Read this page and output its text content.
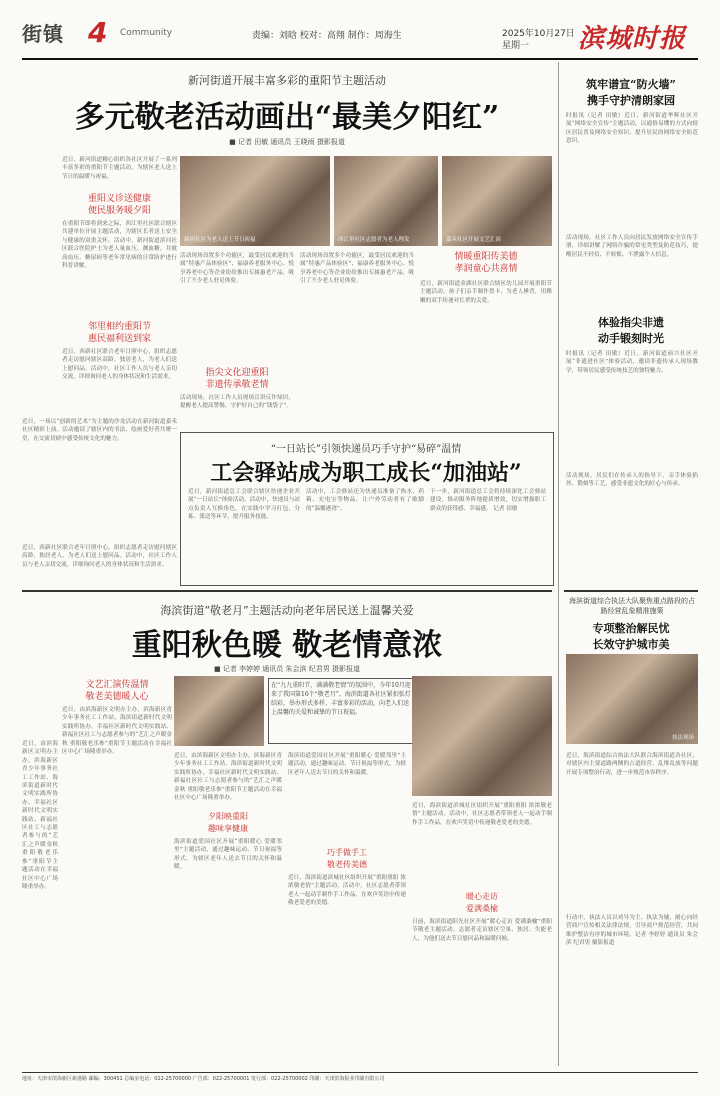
街镇 4 Community	责编：刘晗 校对：高翔 制作：周海生	2025年10月27日
星期一 滨城时报
新河街道开展丰富多彩的重阳节主题活动
多元敬老活动画出“最美夕阳红”
■ 记者 田敏 通讯员 王晓雨 摄影报道
近日，新河街道精心组织各社区开展了一系列丰富多彩的重阳节主题活动，为辖区老人送上节日的温暖与祝福。
重阳义诊送健康
便民服务暖夕阳
在重阳节即将到来之际，西江里社区联合辖区共建单位开展主题活动，为辖区长者送上安全与健康的双重关怀。活动中，新河街道滨河社区联合医院护士为老人量血压、测血糖，并就高血压、糖尿病等老年常见病的日常防护进行科普讲解。
邻里相约重阳节
惠民福利送到家
近日，西新社区联合老年日照中心，组织志愿者走访慰问辖区高龄、独居老人，为老人们送上慰问品。活动中，社区工作人员与老人亲切交流，详细询问老人的身体状况和生活需求。
近日，一场以“创新的艺术”为主题的沙龙活动在新河街道嘉禾社区精彩上演。活动邀请了辖区内的书法、绘画爱好者共聚一堂，在交流切磋中感受传统文化的魅力。
新河社区为老人送上节日祝福	西江里社区志愿者为老人理发	嘉禾社区开展文艺汇演
活动现场设置多个功能区，最受居民欢迎的当属“特惠产品体验区”，福康养老服务中心、悦享养老中心等企业纷纷推出专属惠老产品，吸引了不少老人驻足体验。
指尖文化迎重阳
非遗传承敬老情
活动现场，社区工作人员现场宣讲反诈知识，提醒老人提高警惕，守护好自己的“钱袋子”。
活动现场设置多个功能区，最受居民欢迎的当属“特惠产品体验区”，福康养老服务中心、悦享养老中心等企业纷纷推出专属惠老产品，吸引了不少老人驻足体验。
情暖重阳传美德
孝润童心共喜情
近日，新河街道金湖社区联合辖区幼儿园开展重阳节主题活动。孩子们亲手制作贺卡、为老人捶背，用稚嫩的双手传递对长辈的关爱。
“一日站长”引领快递员巧手守护“易碎”温情
工会驿站成为职工成长“加油站”
近日，新河街道总工会联合辖区快递企业开展“一日站长”体验活动。活动中，快递员与站点负责人互换角色，在实践中学习打包、分拣、派送等环节，提升服务技能。
活动中，工会驿站还为快递员准备了热水、药箱、充电宝等物品，让户外劳动者有了歇脚的“温馨港湾”。
下一步，新河街道总工会将持续深化工会驿站建设，推动服务阵地提质增效，切实增强职工群众的获得感、幸福感。 记者 田敏
近日，西新社区联合老年日照中心，组织志愿者走访慰问辖区高龄、独居老人，为老人们送上慰问品。活动中，社区工作人员与老人亲切交流，详细询问老人的身体状况和生活需求。
海滨街道“敬老月”主题活动向老年居民送上温馨关爱
重阳秋色暖 敬老情意浓
■ 记者 李婷婷 通讯员 朱会滨 纪君男 摄影报道
文艺汇演传温情
敬老美德暖人心
近日，由滨海新区文明办主办，滨海新区青少年事务社工工作站、海滨街道新时代文明实践所协办，幸福社区新时代文明实践站、新福社区社工与志愿者参与的“艺汇之声暖金秋 重阳敬老乐参”重阳节主题活动在幸福社区中心广场隆重举办。
近日，由滨海新区文明办主办，滨海新区青少年事务社工工作站、海滨街道新时代文明实践所协办，幸福社区新时代文明实践站、新福社区社工与志愿者参与的“艺汇之声暖金秋 重阳敬老乐参”重阳节主题活动在幸福社区中心广场隆重举办。
在“九九重阳节，满满敬老情”的氛围中，今年10月迎来了我国第16个“敬老月”。海滨街道各社区紧扣张灯结彩，举办形式多样、丰富多彩的活动，向老人们送上温馨的关爱和诚挚的节日祝福。
近日，由滨海新区文明办主办，滨海新区青少年事务社工工作站、海滨街道新时代文明实践所协办，幸福社区新时代文明实践站、新福社区社工与志愿者参与的“艺汇之声暖金秋 重阳敬老乐参”重阳节主题活动在幸福社区中心广场隆重举办。
夕阳映重阳
趣味享健康
海滨街道爱国社区开展“重阳暖心 爱暖邻里”主题活动，通过趣味运动、节日祝福等形式，为辖区老年人送去节日的关怀和温暖。
海滨街道爱国社区开展“重阳暖心 爱暖邻里”主题活动，通过趣味运动、节日祝福等形式，为辖区老年人送去节日的关怀和温暖。
巧手做手工
敬老传美德
近日，海滨街道滨城社区组织开展“重阳重阳 浓浓敬老情”主题活动。活动中，社区志愿者带领老人一起动手制作手工作品，在欢声笑语中传递敬老爱老的美德。
近日，海滨街道滨城社区组织开展“重阳重阳 浓浓敬老情”主题活动。活动中，社区志愿者带领老人一起动手制作手工作品，在欢声笑语中传递敬老爱老的美德。
暖心走访
爱满桑榆
日前，海滨街道阳光社区开展“暖心走访 爱满桑榆”重阳节敬老主题活动。志愿者走访辖区空巢、独居、失能老人，为他们送去节日慰问品和温暖问候。
筑牢谱宣“防火墙”
携手守护清朗家园
时报讯（记者 田敏）近日，新河街道华辉社区开展“网络安全宣传”主题活动，以通俗易懂的方式向辖区居民普及网络安全知识，提升居民的网络安全防范意识。
活动现场，社区工作人员向居民发放网络安全宣传手册，详细讲解了网络诈骗的常见类型及防范技巧，提醒居民不轻信、不转账、不泄露个人信息。
体验指尖非遗
动手锻刻时光
时报讯（记者 田敏）近日，新河街道前兴社区开展“非遗进社区”体验活动，邀请非遗传承人现场教学，带领居民感受传统技艺的独特魅力。
活动现场，居民们在传承人的指导下，亲手体验掐丝、锻刻等工艺，感受非遗文化的匠心与传承。
海滨街道综合执法大队聚焦重点路段的占路经营乱象精准施策
专项整治解民忧
长效守护城市美
执法现场
近日，海滨街道综合执法大队联合海滨街道各社区，对辖区内主要道路两侧的占道经营、乱堆乱放等问题开展专项整治行动，进一步规范市容秩序。
行动中，执法人员以劝导为主、执法为辅，耐心向经营商户宣传相关法律法规，引导商户规范经营，共同维护整洁有序的城市环境。记者 李婷婷 通讯员 朱会滨 纪君男 摄影报道
地址：天津市滨海新区新港路 邮编：300451 总编室电话：022-25700000 广告部：022-25700001 发行部：022-25700002 印刷：天津滨海报业印刷有限公司
